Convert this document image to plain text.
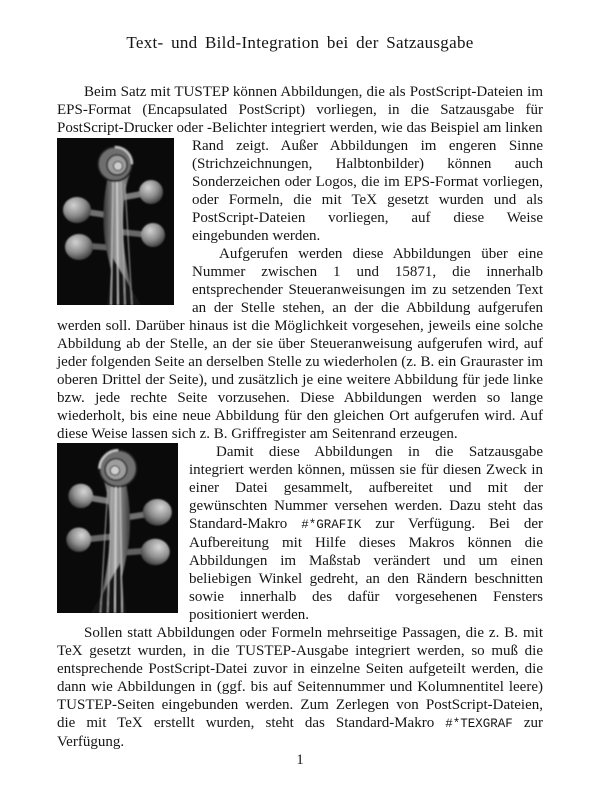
Text- und Bild-Integration bei der Satzausgabe

Beim Satz mit TUSTEP können Abbildungen, die als PostScript-Dateien im EPS-Format (Encapsulated PostScript) vorliegen, in die Satzausgabe für PostScript-Drucker oder -Belichter integriert werden, wie das Beispiel am linken

Rand zeigt. Außer Abbildungen im engeren Sinne (Strichzeichnungen, Halbtonbilder) können auch Sonderzeichen oder Logos, die im EPS-Format vorliegen, oder Formeln, die mit TeX gesetzt wurden und als PostScript-Dateien vorliegen, auf diese Weise eingebunden werden.

Aufgerufen werden diese Abbildungen über eine Nummer zwischen 1 und 15871, die innerhalb entsprechender Steueranweisungen im zu setzenden Text an der Stelle stehen, an der die Abbildung aufgerufen werden soll. Darüber hinaus ist die Möglichkeit vorgesehen, jeweils eine solche Abbildung ab der Stelle, an der sie über Steueranweisung aufgerufen wird, auf jeder folgenden Seite an derselben Stelle zu wiederholen (z. B. ein Grauraster im oberen Drittel der Seite), und zusätzlich je eine weitere Abbildung für jede linke bzw. jede rechte Seite vorzusehen. Diese Abbildungen werden so lange wiederholt, bis eine neue Abbildung für den gleichen Ort aufgerufen wird. Auf diese Weise lassen sich z. B. Griffregister am Seitenrand erzeugen.

Damit diese Abbildungen in die Satzausgabe integriert werden können, müssen sie für diesen Zweck in einer Datei gesammelt, aufbereitet und mit der gewünschten Nummer versehen werden. Dazu steht das Standard-Makro #*GRAFIK zur Verfügung. Bei der Aufbereitung mit Hilfe dieses Makros können die Abbildungen im Maßstab verändert und um einen beliebigen Winkel gedreht, an den Rändern beschnitten sowie innerhalb des dafür vorgesehenen Fensters positioniert werden.

Sollen statt Abbildungen oder Formeln mehrseitige Passagen, die z. B. mit TeX gesetzt wurden, in die TUSTEP-Ausgabe integriert werden, so muß die entsprechende PostScript-Datei zuvor in einzelne Seiten aufgeteilt werden, die dann wie Abbildungen in (ggf. bis auf Seitennummer und Kolumnentitel leere) TUSTEP-Seiten eingebunden werden. Zum Zerlegen von PostScript-Dateien, die mit TeX erstellt wurden, steht das Standard-Makro #*TEXGRAF zur Verfügung.

1
